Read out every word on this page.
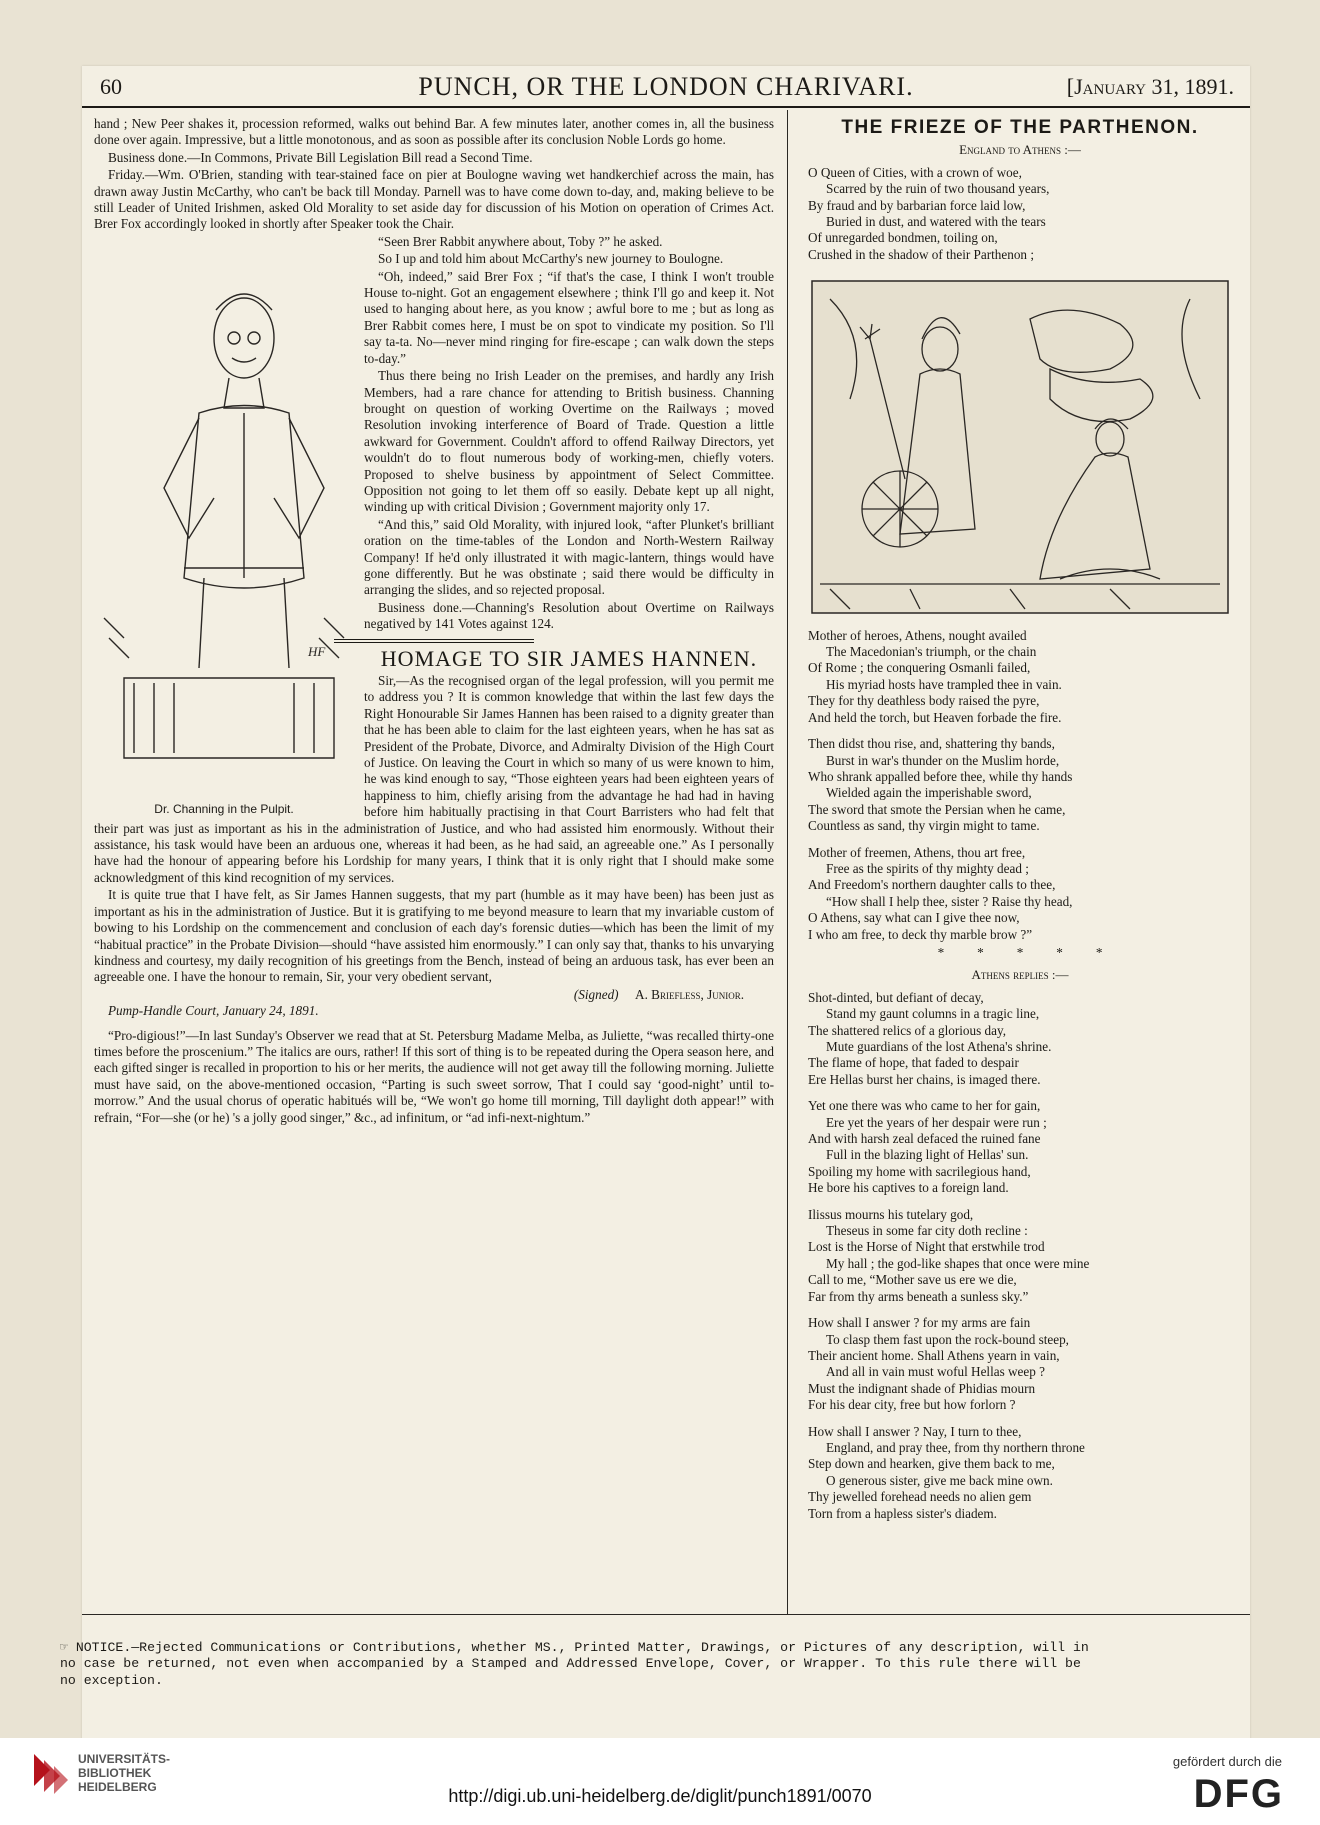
60	PUNCH, OR THE LONDON CHARIVARI.	[January 31, 1891.

hand ; New Peer shakes it, procession reformed, walks out behind Bar. A few minutes later, another comes in, all the business done over again. Impressive, but a little monotonous, and as soon as possible after its conclusion Noble Lords go home.

Business done.—In Commons, Private Bill Legislation Bill read a Second Time.

Friday.—Wm. O'Brien, standing with tear-stained face on pier at Boulogne waving wet handkerchief across the main, has drawn away Justin McCarthy, who can't be back till Monday. Parnell was to have come down to-day, and, making believe to be still Leader of United Irishmen, asked Old Morality to set aside day for discussion of his Motion on operation of Crimes Act. Brer Fox accordingly looked in shortly after Speaker took the Chair.

HF
Dr. Channing in the Pulpit.

“Seen Brer Rabbit anywhere about, Toby ?” he asked.

So I up and told him about McCarthy's new journey to Boulogne.

“Oh, indeed,” said Brer Fox ; “if that's the case, I think I won't trouble House to-night. Got an engagement elsewhere ; think I'll go and keep it. Not used to hanging about here, as you know ; awful bore to me ; but as long as Brer Rabbit comes here, I must be on spot to vindicate my position. So I'll say ta-ta. No—never mind ringing for fire-escape ; can walk down the steps to-day.”

Thus there being no Irish Leader on the premises, and hardly any Irish Members, had a rare chance for attending to British business. Channing brought on question of working Overtime on the Railways ; moved Resolution invoking interference of Board of Trade. Question a little awkward for Government. Couldn't afford to offend Railway Directors, yet wouldn't do to flout numerous body of working-men, chiefly voters. Proposed to shelve business by appointment of Select Committee. Opposition not going to let them off so easily. Debate kept up all night, winding up with critical Division ; Government majority only 17.

“And this,” said Old Morality, with injured look, “after Plunket's brilliant oration on the time-tables of the London and North-Western Railway Company! If he'd only illustrated it with magic-lantern, things would have gone differently. But he was obstinate ; said there would be difficulty in arranging the slides, and so rejected proposal.

Business done.—Channing's Resolution about Overtime on Railways negatived by 141 Votes against 124.

HOMAGE TO SIR JAMES HANNEN.

Sir,—As the recognised organ of the legal profession, will you permit me to address you ? It is common knowledge that within the last few days the Right Honourable Sir James Hannen has been raised to a dignity greater than that he has been able to claim for the last eighteen years, when he has sat as President of the Probate, Divorce, and Admiralty Division of the High Court of Justice. On leaving the Court in which so many of us were known to him, he was kind enough to say, “Those eighteen years had been eighteen years of happiness to him, chiefly arising from the advantage he had had in having before him habitually practising in that Court Barristers who had felt that their part was just as important as his in the administration of Justice, and who had assisted him enormously. Without their assistance, his task would have been an arduous one, whereas it had been, as he had said, an agreeable one.” As I personally have had the honour of appearing before his Lordship for many years, I think that it is only right that I should make some acknowledgment of this kind recognition of my services.

It is quite true that I have felt, as Sir James Hannen suggests, that my part (humble as it may have been) has been just as important as his in the administration of Justice. But it is gratifying to me beyond measure to learn that my invariable custom of bowing to his Lordship on the commencement and conclusion of each day's forensic duties—which has been the limit of my “habitual practice” in the Probate Division—should “have assisted him enormously.” I can only say that, thanks to his unvarying kindness and courtesy, my daily recognition of his greetings from the Bench, instead of being an arduous task, has ever been an agreeable one. I have the honour to remain, Sir, your very obedient servant,

(Signed) A. Briefless, Junior.

Pump-Handle Court, January 24, 1891.

“Pro-digious!”—In last Sunday's Observer we read that at St. Petersburg Madame Melba, as Juliette, “was recalled thirty-one times before the proscenium.” The italics are ours, rather! If this sort of thing is to be repeated during the Opera season here, and each gifted singer is recalled in proportion to his or her merits, the audience will not get away till the following morning. Juliette must have said, on the above-mentioned occasion, “Parting is such sweet sorrow, That I could say ‘good-night’ until to-morrow.” And the usual chorus of operatic habitués will be, “We won't go home till morning, Till daylight doth appear!” with refrain, “For—she (or he) 's a jolly good singer,” &c., ad infinitum, or “ad infi-next-nightum.”

THE FRIEZE OF THE PARTHENON.
England to Athens :—
O Queen of Cities, with a crown of woe,
Scarred by the ruin of two thousand years,
By fraud and by barbarian force laid low,
Buried in dust, and watered with the tears
Of unregarded bondmen, toiling on,
Crushed in the shadow of their Parthenon ;
Mother of heroes, Athens, nought availed
The Macedonian's triumph, or the chain
Of Rome ; the conquering Osmanli failed,
His myriad hosts have trampled thee in vain.
They for thy deathless body raised the pyre,
And held the torch, but Heaven forbade the fire.
Then didst thou rise, and, shattering thy bands,
Burst in war's thunder on the Muslim horde,
Who shrank appalled before thee, while thy hands
Wielded again the imperishable sword,
The sword that smote the Persian when he came,
Countless as sand, thy virgin might to tame.
Mother of freemen, Athens, thou art free,
Free as the spirits of thy mighty dead ;
And Freedom's northern daughter calls to thee,
“How shall I help thee, sister ? Raise thy head,
O Athens, say what can I give thee now,
I who am free, to deck thy marble brow ?”
*          *          *          *          *
Athens replies :—
Shot-dinted, but defiant of decay,
Stand my gaunt columns in a tragic line,
The shattered relics of a glorious day,
Mute guardians of the lost Athena's shrine.
The flame of hope, that faded to despair
Ere Hellas burst her chains, is imaged there.
Yet one there was who came to her for gain,
Ere yet the years of her despair were run ;
And with harsh zeal defaced the ruined fane
Full in the blazing light of Hellas' sun.
Spoiling my home with sacrilegious hand,
He bore his captives to a foreign land.
Ilissus mourns his tutelary god,
Theseus in some far city doth recline :
Lost is the Horse of Night that erstwhile trod
My hall ; the god-like shapes that once were mine
Call to me, “Mother save us ere we die,
Far from thy arms beneath a sunless sky.”
How shall I answer ? for my arms are fain
To clasp them fast upon the rock-bound steep,
Their ancient home. Shall Athens yearn in vain,
And all in vain must woful Hellas weep ?
Must the indignant shade of Phidias mourn
For his dear city, free but how forlorn ?
How shall I answer ? Nay, I turn to thee,
England, and pray thee, from thy northern throne
Step down and hearken, give them back to me,
O generous sister, give me back mine own.
Thy jewelled forehead needs no alien gem
Torn from a hapless sister's diadem.
☞ NOTICE.—Rejected Communications or Contributions, whether MS., Printed Matter, Drawings, or Pictures of any description, will in no case be returned, not even when accompanied by a Stamped and Addressed Envelope, Cover, or Wrapper. To this rule there will be no exception.
UNIVERSITÄTS-
BIBLIOTHEK
HEIDELBERG	http://digi.ub.uni-heidelberg.de/diglit/punch1891/0070
gefördert durch die
DFG
